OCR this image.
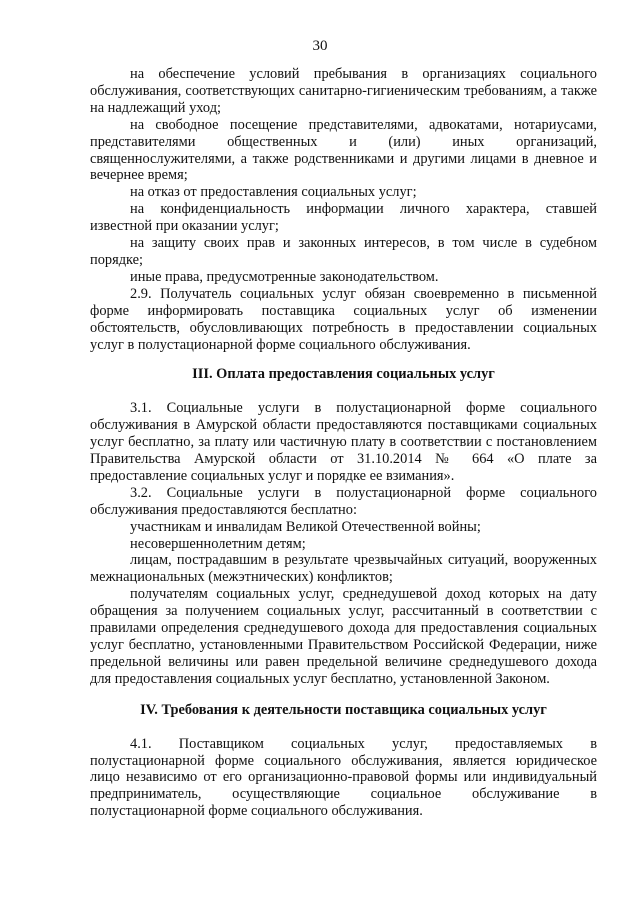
30

на обеспечение условий пребывания в организациях социального обслуживания, соответствующих санитарно-гигиеническим требованиям, а также на надлежащий уход;

на свободное посещение представителями, адвокатами, нотариусами, представителями общественных и (или) иных организаций, священнослужителями, а также родственниками и другими лицами в дневное и вечернее время;

на отказ от предоставления социальных услуг;

на конфиденциальность информации личного характера, ставшей известной при оказании услуг;

на защиту своих прав и законных интересов, в том числе в судебном порядке;

иные права, предусмотренные законодательством.

2.9. Получатель социальных услуг обязан своевременно в письменной форме информировать поставщика социальных услуг об изменении обстоятельств, обусловливающих потребность в предоставлении социальных услуг в полустационарной форме социального обслуживания.

III. Оплата предоставления социальных услуг

3.1. Социальные услуги в полустационарной форме социального обслуживания в Амурской области предоставляются поставщиками социальных услуг бесплатно, за плату или частичную плату в соответствии с постановлением Правительства Амурской области от 31.10.2014 № 664 «О плате за предоставление социальных услуг и порядке ее взимания».

3.2. Социальные услуги в полустационарной форме социального обслуживания предоставляются бесплатно:

участникам и инвалидам Великой Отечественной войны;

несовершеннолетним детям;

лицам, пострадавшим в результате чрезвычайных ситуаций, вооруженных межнациональных (межэтнических) конфликтов;

получателям социальных услуг, среднедушевой доход которых на дату обращения за получением социальных услуг, рассчитанный в соответствии с правилами определения среднедушевого дохода для предоставления социальных услуг бесплатно, установленными Правительством Российской Федерации, ниже предельной величины или равен предельной величине среднедушевого дохода для предоставления социальных услуг бесплатно, установленной Законом.

IV. Требования к деятельности поставщика социальных услуг

4.1. Поставщиком социальных услуг, предоставляемых в полустационарной форме социального обслуживания, является юридическое лицо независимо от его организационно-правовой формы или индивидуальный предприниматель, осуществляющие социальное обслуживание в полустационарной форме социального обслуживания.
